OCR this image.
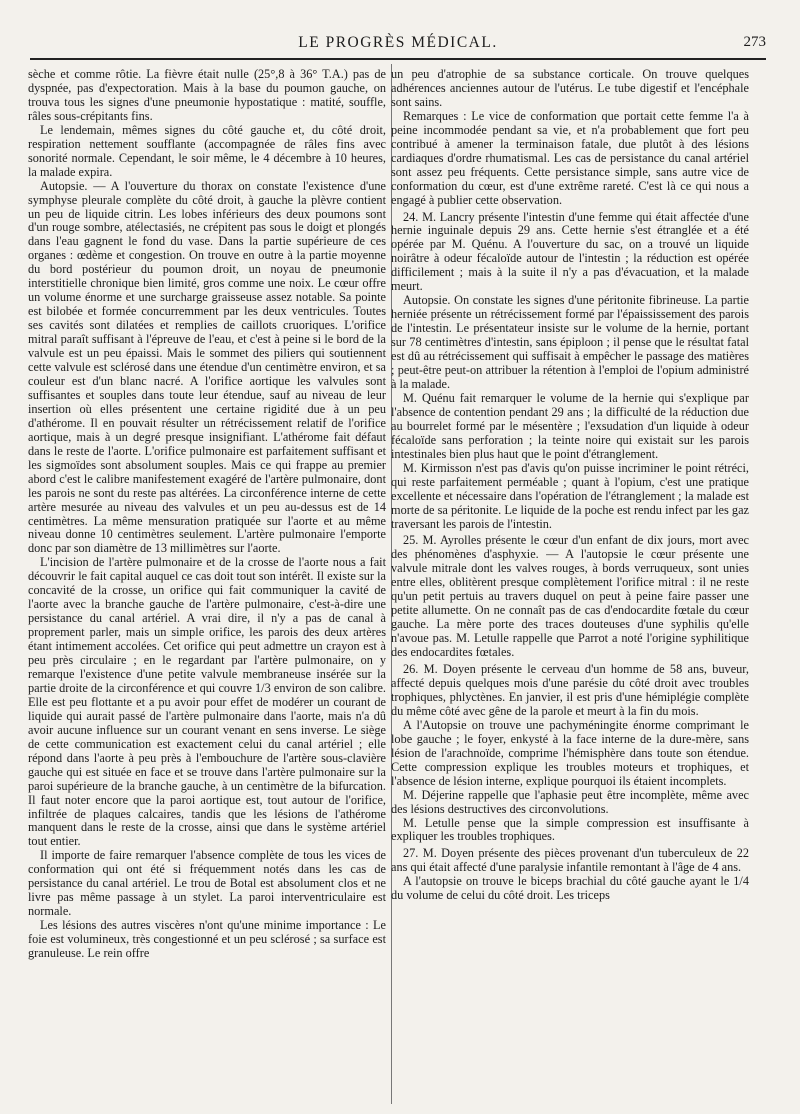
LE PROGRÈS MÉDICAL.	273

sèche et comme rôtie. La fièvre était nulle (25°,8 à 36° T.A.) pas de dyspnée, pas d'expectoration. Mais à la base du poumon gauche, on trouva tous les signes d'une pneumonie hypostatique : matité, souffle, râles sous-crépitants fins.

Le lendemain, mêmes signes du côté gauche et, du côté droit, respiration nettement soufflante (accompagnée de râles fins avec sonorité normale. Cependant, le soir même, le 4 décembre à 10 heures, la malade expira.

Autopsie. — A l'ouverture du thorax on constate l'existence d'une symphyse pleurale complète du côté droit, à gauche la plèvre contient un peu de liquide citrin. Les lobes inférieurs des deux poumons sont d'un rouge sombre, atélectasiés, ne crépitent pas sous le doigt et plongés dans l'eau gagnent le fond du vase. Dans la partie supérieure de ces organes : œdème et congestion. On trouve en outre à la partie moyenne du bord postérieur du poumon droit, un noyau de pneumonie interstitielle chronique bien limité, gros comme une noix. Le cœur offre un volume énorme et une surcharge graisseuse assez notable. Sa pointe est bilobée et formée concurremment par les deux ventricules. Toutes ses cavités sont dilatées et remplies de caillots cruoriques. L'orifice mitral paraît suffisant à l'épreuve de l'eau, et c'est à peine si le bord de la valvule est un peu épaissi. Mais le sommet des piliers qui soutiennent cette valvule est sclérosé dans une étendue d'un centimètre environ, et sa couleur est d'un blanc nacré. A l'orifice aortique les valvules sont suffisantes et souples dans toute leur étendue, sauf au niveau de leur insertion où elles présentent une certaine rigidité due à un peu d'athérome. Il en pouvait résulter un rétrécissement relatif de l'orifice aortique, mais à un degré presque insignifiant. L'athérome fait défaut dans le reste de l'aorte. L'orifice pulmonaire est parfaitement suffisant et les sigmoïdes sont absolument souples. Mais ce qui frappe au premier abord c'est le calibre manifestement exagéré de l'artère pulmonaire, dont les parois ne sont du reste pas altérées. La circonférence interne de cette artère mesurée au niveau des valvules et un peu au-dessus est de 14 centimètres. La même mensuration pratiquée sur l'aorte et au même niveau donne 10 centimètres seulement. L'artère pulmonaire l'emporte donc par son diamètre de 13 millimètres sur l'aorte.

L'incision de l'artère pulmonaire et de la crosse de l'aorte nous a fait découvrir le fait capital auquel ce cas doit tout son intérêt. Il existe sur la concavité de la crosse, un orifice qui fait communiquer la cavité de l'aorte avec la branche gauche de l'artère pulmonaire, c'est-à-dire une persistance du canal artériel. A vrai dire, il n'y a pas de canal à proprement parler, mais un simple orifice, les parois des deux artères étant intimement accolées. Cet orifice qui peut admettre un crayon est à peu près circulaire ; en le regardant par l'artère pulmonaire, on y remarque l'existence d'une petite valvule membraneuse insérée sur la partie droite de la circonférence et qui couvre 1/3 environ de son calibre. Elle est peu flottante et a pu avoir pour effet de modérer un courant de liquide qui aurait passé de l'artère pulmonaire dans l'aorte, mais n'a dû avoir aucune influence sur un courant venant en sens inverse. Le siège de cette communication est exactement celui du canal artériel ; elle répond dans l'aorte à peu près à l'embouchure de l'artère sous-clavière gauche qui est située en face et se trouve dans l'artère pulmonaire sur la paroi supérieure de la branche gauche, à un centimètre de la bifurcation. Il faut noter encore que la paroi aortique est, tout autour de l'orifice, infiltrée de plaques calcaires, tandis que les lésions de l'athérome manquent dans le reste de la crosse, ainsi que dans le système artériel tout entier.

Il importe de faire remarquer l'absence complète de tous les vices de conformation qui ont été si fréquemment notés dans les cas de persistance du canal artériel. Le trou de Botal est absolument clos et ne livre pas même passage à un stylet. La paroi interventriculaire est normale.

Les lésions des autres viscères n'ont qu'une minime importance : Le foie est volumineux, très congestionné et un peu sclérosé ; sa surface est granuleuse. Le rein offre

un peu d'atrophie de sa substance corticale. On trouve quelques adhérences anciennes autour de l'utérus. Le tube digestif et l'encéphale sont sains.

Remarques : Le vice de conformation que portait cette femme l'a à peine incommodée pendant sa vie, et n'a probablement que fort peu contribué à amener la terminaison fatale, due plutôt à des lésions cardiaques d'ordre rhumatismal. Les cas de persistance du canal artériel sont assez peu fréquents. Cette persistance simple, sans autre vice de conformation du cœur, est d'une extrême rareté. C'est là ce qui nous a engagé à publier cette observation.

24. M. Lancry présente l'intestin d'une femme qui était affectée d'une hernie inguinale depuis 29 ans. Cette hernie s'est étranglée et a été opérée par M. Quénu. A l'ouverture du sac, on a trouvé un liquide noirâtre à odeur fécaloïde autour de l'intestin ; la réduction est opérée difficilement ; mais à la suite il n'y a pas d'évacuation, et la malade meurt.

Autopsie. On constate les signes d'une péritonite fibrineuse. La partie herniée présente un rétrécissement formé par l'épaississement des parois de l'intestin. Le présentateur insiste sur le volume de la hernie, portant sur 78 centimètres d'intestin, sans épiploon ; il pense que le résultat fatal est dû au rétrécissement qui suffisait à empêcher le passage des matières ; peut-être peut-on attribuer la rétention à l'emploi de l'opium administré à la malade.

M. Quénu fait remarquer le volume de la hernie qui s'explique par l'absence de contention pendant 29 ans ; la difficulté de la réduction due au bourrelet formé par le mésentère ; l'exsudation d'un liquide à odeur fécaloïde sans perforation ; la teinte noire qui existait sur les parois intestinales bien plus haut que le point d'étranglement.

M. Kirmisson n'est pas d'avis qu'on puisse incriminer le point rétréci, qui reste parfaitement perméable ; quant à l'opium, c'est une pratique excellente et nécessaire dans l'opération de l'étranglement ; la malade est morte de sa péritonite. Le liquide de la poche est rendu infect par les gaz traversant les parois de l'intestin.

25. M. Ayrolles présente le cœur d'un enfant de dix jours, mort avec des phénomènes d'asphyxie. — A l'autopsie le cœur présente une valvule mitrale dont les valves rouges, à bords verruqueux, sont unies entre elles, oblitèrent presque complètement l'orifice mitral : il ne reste qu'un petit pertuis au travers duquel on peut à peine faire passer une petite allumette. On ne connaît pas de cas d'endocardite fœtale du cœur gauche. La mère porte des traces douteuses d'une syphilis qu'elle n'avoue pas. M. Letulle rappelle que Parrot a noté l'origine syphilitique des endocardites fœtales.

26. M. Doyen présente le cerveau d'un homme de 58 ans, buveur, affecté depuis quelques mois d'une parésie du côté droit avec troubles trophiques, phlyctènes. En janvier, il est pris d'une hémiplégie complète du même côté avec gêne de la parole et meurt à la fin du mois.

A l'Autopsie on trouve une pachyméningite énorme comprimant le lobe gauche ; le foyer, enkysté à la face interne de la dure-mère, sans lésion de l'arachnoïde, comprime l'hémisphère dans toute son étendue. Cette compression explique les troubles moteurs et trophiques, et l'absence de lésion interne, explique pourquoi ils étaient incomplets.

M. Déjerine rappelle que l'aphasie peut être incomplète, même avec des lésions destructives des circonvolutions.

M. Letulle pense que la simple compression est insuffisante à expliquer les troubles trophiques.

27. M. Doyen présente des pièces provenant d'un tuberculeux de 22 ans qui était affecté d'une paralysie infantile remontant à l'âge de 4 ans.

A l'autopsie on trouve le biceps brachial du côté gauche ayant le 1/4 du volume de celui du côté droit. Les triceps
